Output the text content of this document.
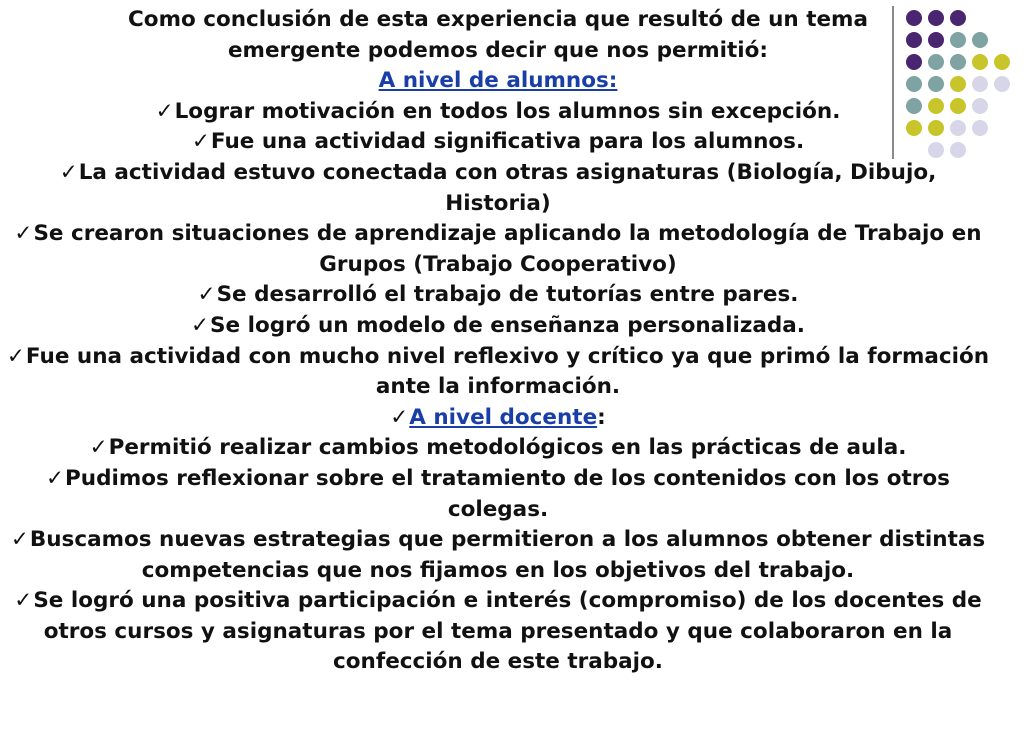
Como conclusión de esta experiencia que resultó de un tema

emergente podemos decir que nos permitió:

A nivel de alumnos:

✓Lograr motivación en todos los alumnos sin excepción.

✓Fue una actividad significativa para los alumnos.

✓La actividad estuvo conectada con otras asignaturas (Biología, Dibujo, Historia)

✓Se crearon situaciones de aprendizaje aplicando la metodología de Trabajo en Grupos (Trabajo Cooperativo)

✓Se desarrolló el trabajo de tutorías entre pares.

✓Se logró un modelo de enseñanza personalizada.

✓Fue una actividad con mucho nivel reflexivo y crítico ya que primó la formación ante la información.

✓A nivel docente:

✓Permitió realizar cambios metodológicos en las prácticas de aula.

✓Pudimos reflexionar sobre el tratamiento de los contenidos con los otros colegas.

✓Buscamos nuevas estrategias que permitieron a los alumnos obtener distintas competencias que nos fijamos en los objetivos del trabajo.

✓Se logró una positiva participación e interés (compromiso) de los docentes de otros cursos y asignaturas por el tema presentado y que colaboraron en la confección de este trabajo.
